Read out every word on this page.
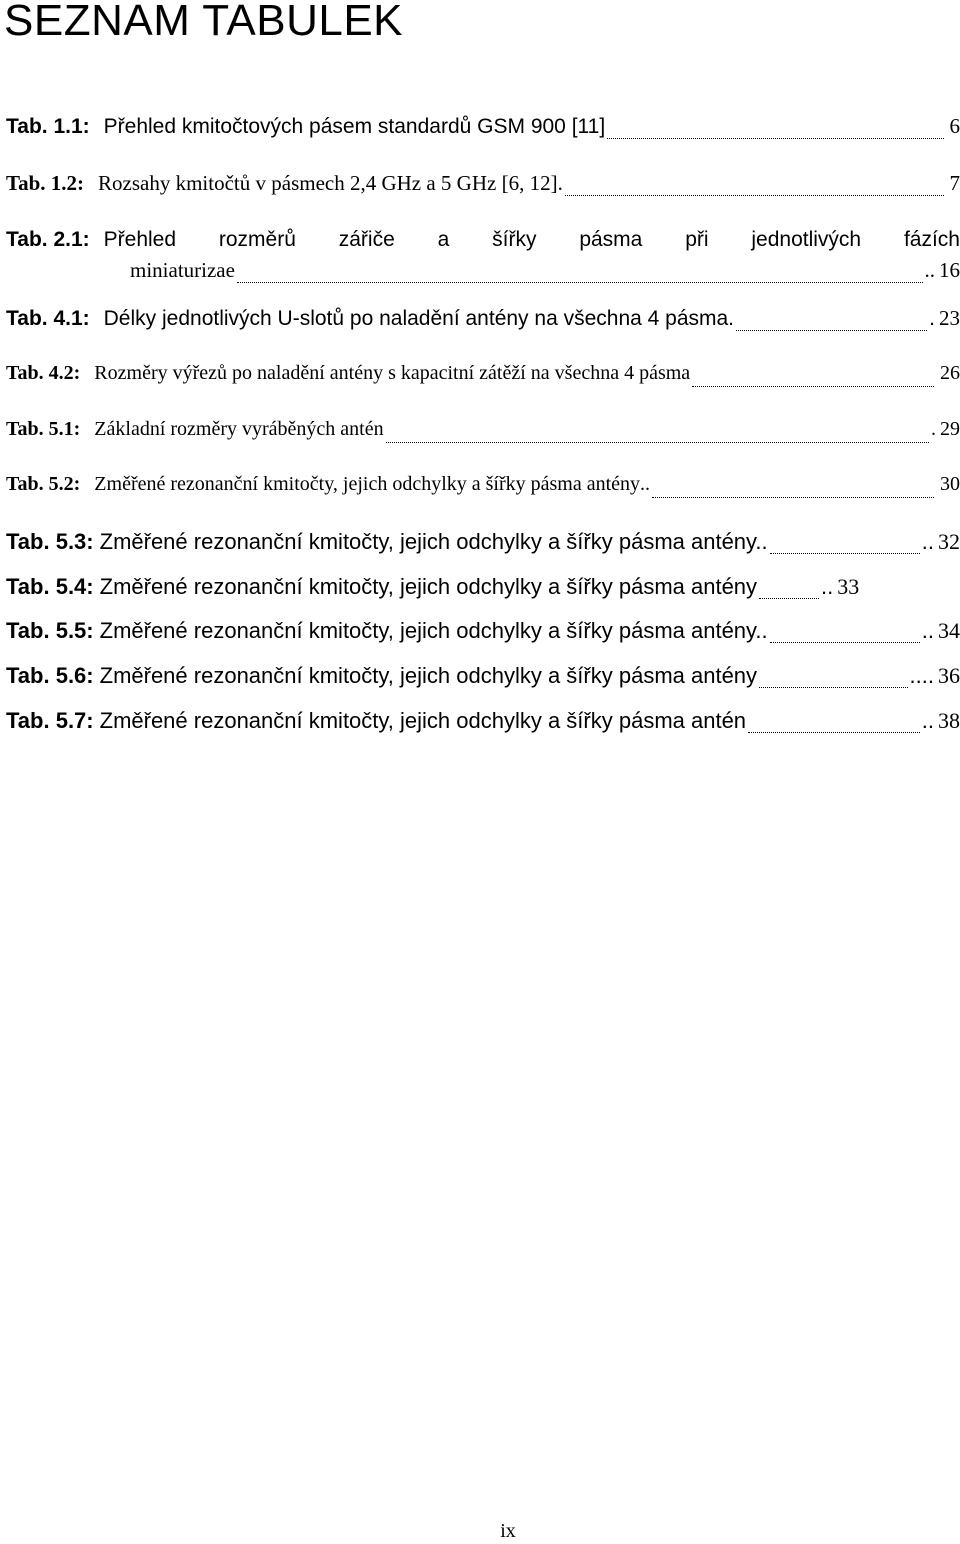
SEZNAM TABULEK
Tab. 1.1: Přehled kmitočtových pásem standardů GSM 900 [11]	6
Tab. 1.2: Rozsahy kmitočtů v pásmech 2,4 GHz a 5 GHz [6, 12].	7
Tab. 2.1: Přehled rozměrů zářiče a šířky pásma při jednotlivých fázích
miniaturizae	.. 16
Tab. 4.1: Délky jednotlivých U-slotů po naladění antény na všechna 4 pásma.	. 23
Tab. 4.2: Rozměry výřezů po naladění antény s kapacitní zátěží na všechna 4 pásma	26
Tab. 5.1: Základní rozměry vyráběných antén	. 29
Tab. 5.2: Změřené rezonanční kmitočty, jejich odchylky a šířky pásma antény ..	30
Tab. 5.3: Změřené rezonanční kmitočty, jejich odchylky a šířky pásma antény..	.. 32
Tab. 5.4: Změřené rezonanční kmitočty, jejich odchylky a šířky pásma antény	.. 33
Tab. 5.5: Změřené rezonanční kmitočty, jejich odchylky a šířky pásma antény..	.. 34
Tab. 5.6: Změřené rezonanční kmitočty, jejich odchylky a šířky pásma antény	.... 36
Tab. 5.7: Změřené rezonanční kmitočty, jejich odchylky a šířky pásma antén	.. 38
ix
